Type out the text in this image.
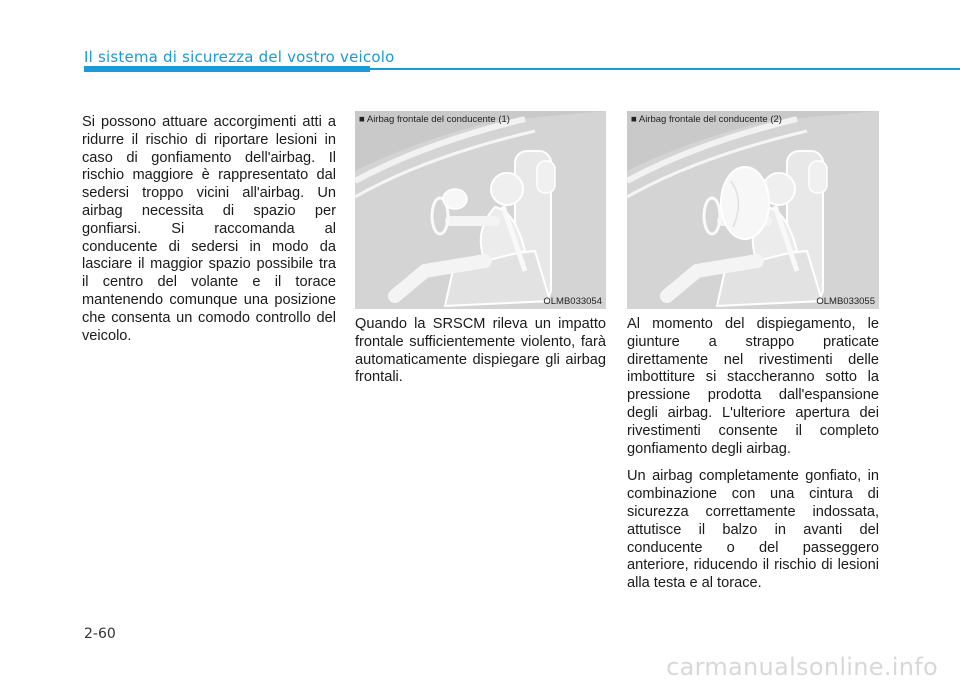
Il sistema di sicurezza del vostro veicolo
Si possono attuare accorgimenti atti a ridurre il rischio di riportare lesioni in caso di gonfiamento dell'airbag. Il rischio maggiore è rappresentato dal sedersi troppo vicini all'airbag. Un airbag necessita di spazio per gonfiarsi. Si raccomanda al conducente di sedersi in modo da lasciare il maggior spazio possibile tra il centro del volante e il torace mantenendo comunque una posizione che consenta un comodo controllo del veicolo.
■ Airbag frontale del conducente (1)
OLMB033054
Quando la SRSCM rileva un impatto frontale sufficientemente violento, farà automaticamente dispiegare gli airbag frontali.
■ Airbag frontale del conducente (2)
OLMB033055

Al momento del dispiegamento, le giunture a strappo praticate direttamente nel rivestimenti delle imbottiture si staccheranno sotto la pressione prodotta dall'espansione degli airbag. L'ulteriore apertura dei rivestimenti consente il completo gonfiamento degli airbag.

Un airbag completamente gonfiato, in combinazione con una cintura di sicurezza correttamente indossata, attutisce il balzo in avanti del conducente o del passeggero anteriore, riducendo il rischio di lesioni alla testa e al torace.

2-60
carmanualsonline.info
